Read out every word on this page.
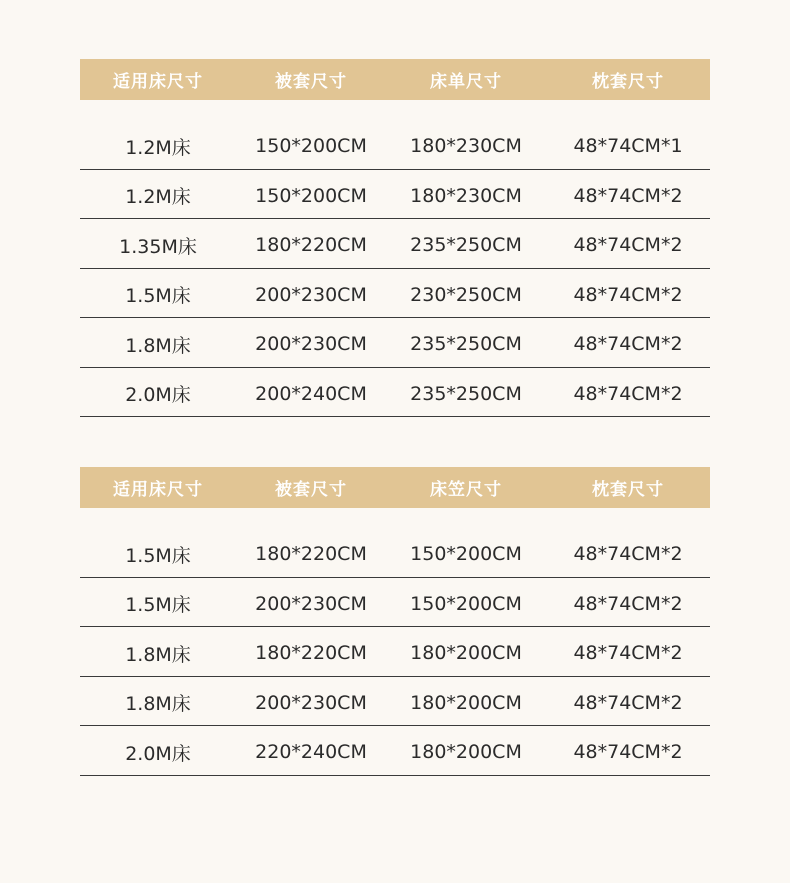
适用床尺寸	被套尺寸	床单尺寸	枕套尺寸
1.2M床	150*200CM	180*230CM	48*74CM*1
1.2M床	150*200CM	180*230CM	48*74CM*2
1.35M床	180*220CM	235*250CM	48*74CM*2
1.5M床	200*230CM	230*250CM	48*74CM*2
1.8M床	200*230CM	235*250CM	48*74CM*2
2.0M床	200*240CM	235*250CM	48*74CM*2
适用床尺寸	被套尺寸	床笠尺寸	枕套尺寸
1.5M床	180*220CM	150*200CM	48*74CM*2
1.5M床	200*230CM	150*200CM	48*74CM*2
1.8M床	180*220CM	180*200CM	48*74CM*2
1.8M床	200*230CM	180*200CM	48*74CM*2
2.0M床	220*240CM	180*200CM	48*74CM*2
